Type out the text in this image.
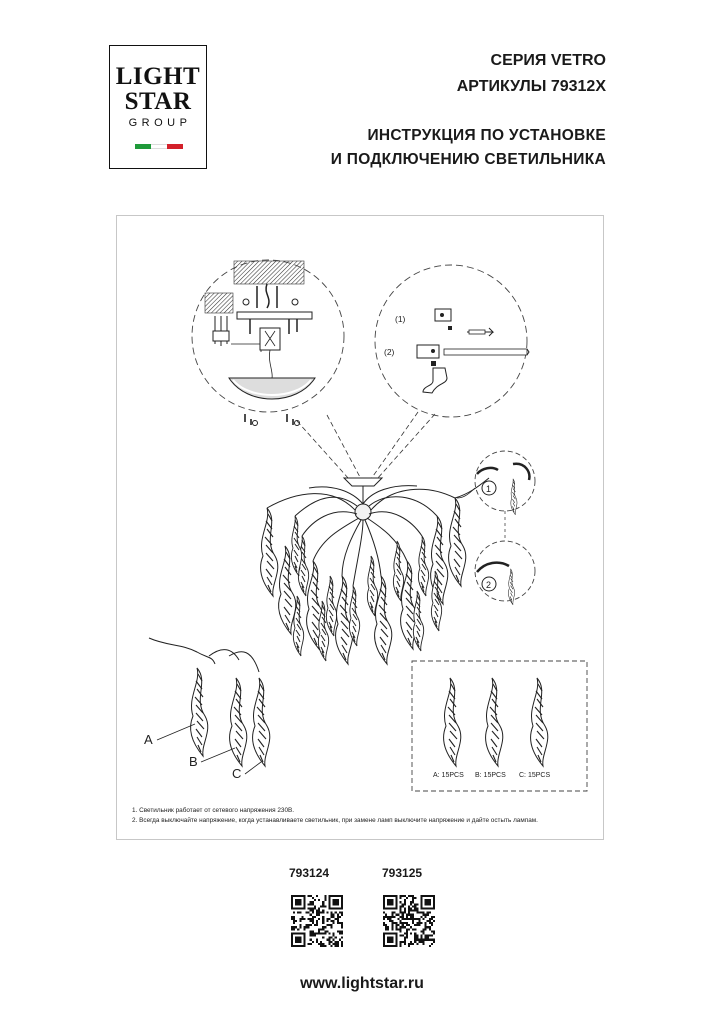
LIGHT
STAR
GROUP
СЕРИЯ VETRO
АРТИКУЛЫ 79312X
ИНСТРУКЦИЯ ПО УСТАНОВКЕ
И ПОДКЛЮЧЕНИЮ СВЕТИЛЬНИКА
(1)
(2)
1
2
A
B
C	A: 15PCS B: 15PCS C: 15PCS
1. Светильник работает от сетевого напряжения 230В.
2. Всегда выключайте напряжение, когда устанавливаете светильник, при замене ламп выключите напряжение и дайте остыть лампам.
793124	793125
www.lightstar.ru
